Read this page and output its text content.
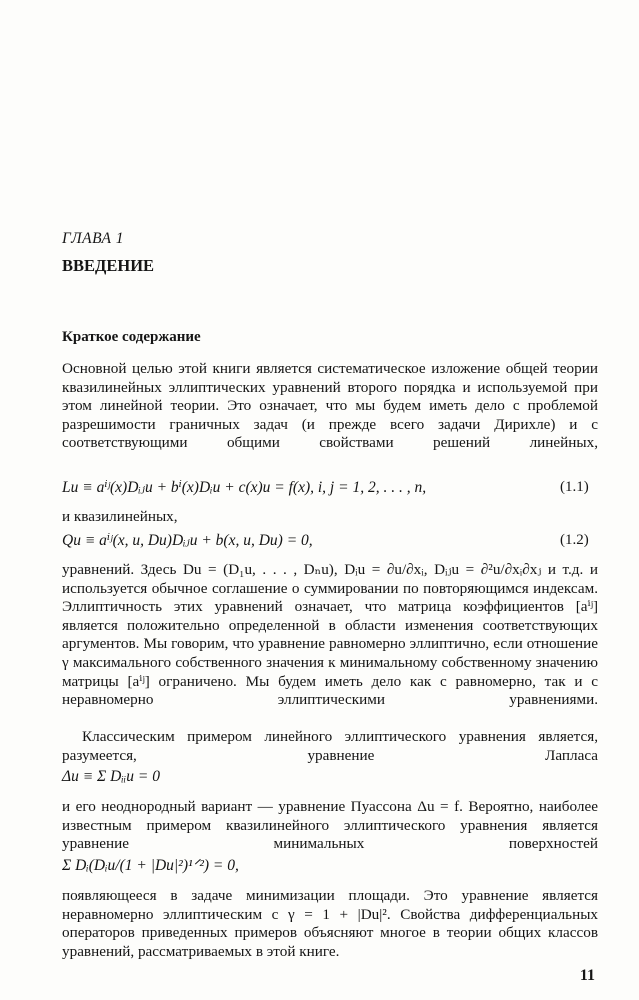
ГЛАВА 1
ВВЕДЕНИЕ
Краткое содержание
Основной целью этой книги является систематическое изложение общей теории квазилинейных эллиптических уравнений второго порядка и используемой при этом линейной теории. Это означает, что мы будем иметь дело с проблемой разрешимости граничных задач (и прежде всего задачи Дирихле) и с соответствующими общими свойствами решений линейных,
Lu ≡ aⁱʲ(x)Dᵢⱼu + bⁱ(x)Dᵢu + c(x)u = f(x), i, j = 1, 2, . . . , n,	(1.1)
и квазилинейных,
Qu ≡ aⁱʲ(x, u, Du)Dᵢⱼu + b(x, u, Du) = 0,	(1.2)
уравнений. Здесь Du = (D₁u, . . . , Dₙu), Dᵢu = ∂u/∂xᵢ, Dᵢⱼu = ∂²u/∂xᵢ∂xⱼ и т.д. и используется обычное соглашение о суммировании по повторяющимся индексам. Эллиптичность этих уравнений означает, что матрица коэффициентов [aⁱʲ] является положительно определенной в области изменения соответствующих аргументов. Мы говорим, что уравнение равномерно эллиптично, если отношение γ максимального собственного значения к минимальному собственному значению матрицы [aⁱʲ] ограничено. Мы будем иметь дело как с равномерно, так и с неравномерно эллиптическими уравнениями.
Классическим примером линейного эллиптического уравнения является, разумеется, уравнение Лапласа
Δu ≡ Σ Dᵢᵢu = 0
и его неоднородный вариант — уравнение Пуассона Δu = f. Вероятно, наиболее известным примером квазилинейного эллиптического уравнения является уравнение минимальных поверхностей
Σ Dᵢ(Dᵢu/(1 + |Du|²)¹ᐟ²) = 0,
появляющееся в задаче минимизации площади. Это уравнение является неравномерно эллиптическим с γ = 1 + |Du|². Свойства дифференциальных операторов приведенных примеров объясняют многое в теории общих классов уравнений, рассматриваемых в этой книге.
11
